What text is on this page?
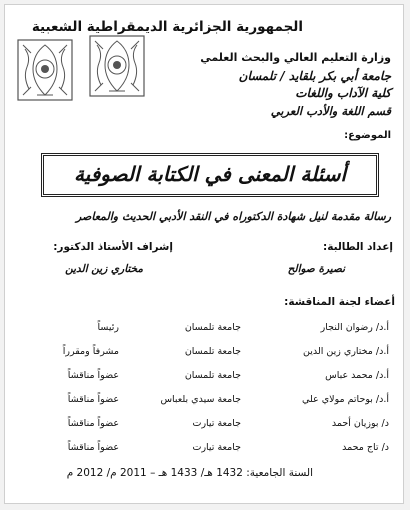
الجمهورية الجزائرية الديمقراطية الشعبية
وزارة التعليم العالي والبحث العلمي
جامعة أبي بكر بلقايد / تلمسان
كلية الآداب واللغات
قسم اللغة والأدب العربي
الموضوع:
أسئلة المعنى في الكتابة الصوفية
رسالة مقدمة لنيل شهادة الدكتوراه في النقد الأدبي الحديث والمعاصر
إعداد الطالبة:
إشراف الأستاذ الدكتور:
نصيرة صوالح
مختاري زين الدين
أعضاء لجنة المناقشة:
أ.د/ رضوان النجار
جامعة تلمسان
رئيساً
أ.د/ مختاري زين الدين
جامعة تلمسان
مشرفاً ومقرراً
أ.د/ محمد عباس
جامعة تلمسان
عضواً مناقشاً
أ.د/ بوحاتم مولاي علي
جامعة سيدي بلعباس
عضواً مناقشاً
د/ بوزيان أحمد
جامعة تيارت
عضواً مناقشاً
د/ تاج محمد
جامعة تيارت
عضواً مناقشاً
السنة الجامعية: 1432 هـ/ 1433 هـ – 2011 م/ 2012 م
